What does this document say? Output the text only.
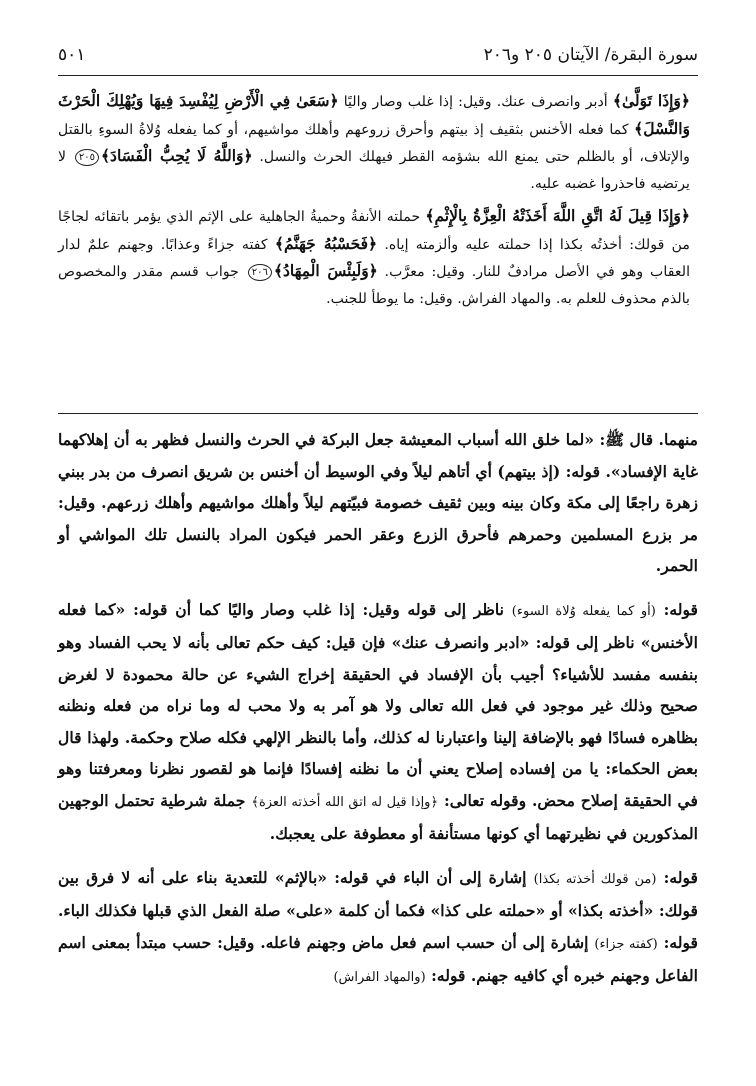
سورة البقرة/ الآيتان ٢٠٥ و٢٠٦
٥٠١

﴿وَإِذَا تَوَلَّىٰ﴾ أدبر وانصرف عنك. وقيل: إذا غلب وصار واليًا ﴿سَعَىٰ فِي الْأَرْضِ لِيُفْسِدَ فِيهَا وَيُهْلِكَ الْحَرْثَ وَالنَّسْلَ﴾ كما فعله الأخنس بثقيف إذ بيتهم وأحرق زروعهم وأهلك مواشيهم، أو كما يفعله وُلاةُ السوءِ بالقتل والإتلاف، أو بالظلم حتى يمنع الله بشؤمه القطر فيهلك الحرث والنسل. ﴿وَاللَّهُ لَا يُحِبُّ الْفَسَادَ﴾٢٠٥ لا يرتضيه فاحذروا غضبه عليه.

﴿وَإِذَا قِيلَ لَهُ اتَّقِ اللَّهَ أَخَذَتْهُ الْعِزَّةُ بِالْإِثْمِ﴾ حملته الأنفةُ وحميةُ الجاهلية على الإثم الذي يؤمر باتقائه لجاجًا من قولك: أخذتُه بكذا إذا حملته عليه وألزمته إياه. ﴿فَحَسْبُهُ جَهَنَّمُ﴾ كفته جزاءً وعذابًا. وجهنم علمٌ لدار العقاب وهو في الأصل مرادفٌ للنار. وقيل: معرَّب. ﴿وَلَبِئْسَ الْمِهَادُ﴾٢٠٦ جواب قسم مقدر والمخصوص بالذم محذوف للعلم به. والمهاد الفراش. وقيل: ما يوطأ للجنب.

منهما. قال ﷺ: «لما خلق الله أسباب المعيشة جعل البركة في الحرث والنسل فظهر به أن إهلاكهما غاية الإفساد». قوله: (إذ بيتهم) أي أتاهم ليلاً وفي الوسيط أن أخنس بن شريق انصرف من بدر ببني زهرة راجعًا إلى مكة وكان بينه وبين ثقيف خصومة فبيّتهم ليلاً وأهلك مواشيهم وأهلك زرعهم. وقيل: مر بزرع المسلمين وحمرهم فأحرق الزرع وعقر الحمر فيكون المراد بالنسل تلك المواشي أو الحمر.

قوله: (أو كما يفعله وُلاة السوء) ناظر إلى قوله وقيل: إذا غلب وصار واليًا كما أن قوله: «كما فعله الأخنس» ناظر إلى قوله: «ادبر وانصرف عنك» فإن قيل: كيف حكم تعالى بأنه لا يحب الفساد وهو بنفسه مفسد للأشياء؟ أجيب بأن الإفساد في الحقيقة إخراج الشيء عن حالة محمودة لا لغرض صحيح وذلك غير موجود في فعل الله تعالى ولا هو آمر به ولا محب له وما نراه من فعله ونظنه بظاهره فسادًا فهو بالإضافة إلينا واعتبارنا له كذلك، وأما بالنظر الإلهي فكله صلاح وحكمة. ولهذا قال بعض الحكماء: يا من إفساده إصلاح يعني أن ما نظنه إفسادًا فإنما هو لقصور نظرنا ومعرفتنا وهو في الحقيقة إصلاح محض. وقوله تعالى: ﴿وإذا قيل له اتق الله أخذته العزة﴾ جملة شرطية تحتمل الوجهين المذكورين في نظيرتهما أي كونها مستأنفة أو معطوفة على يعجبك.

قوله: (من قولك أخذته بكذا) إشارة إلى أن الباء في قوله: «بالإثم» للتعدية بناء على أنه لا فرق بين قولك: «أخذته بكذا» أو «حملته على كذا» فكما أن كلمة «على» صلة الفعل الذي قبلها فكذلك الباء. قوله: (كفته جزاء) إشارة إلى أن حسب اسم فعل ماض وجهنم فاعله. وقيل: حسب مبتدأ بمعنى اسم الفاعل وجهنم خبره أي كافيه جهنم. قوله: (والمهاد الفراش)
